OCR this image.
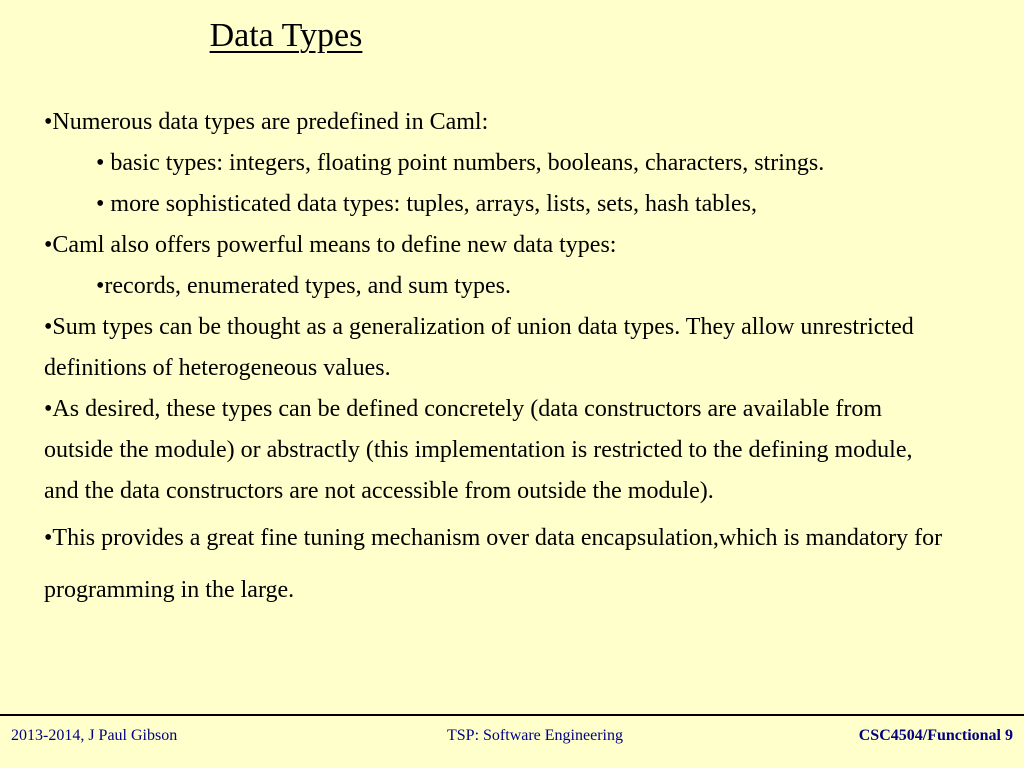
Data Types

•Numerous data types are predefined in Caml:

• basic types: integers, floating point numbers, booleans, characters, strings.

• more sophisticated data types: tuples, arrays, lists, sets, hash tables,

•Caml also offers powerful means to define new data types:

•records, enumerated types, and sum types.

•Sum types can be thought as a generalization of union data types. They allow unrestricted definitions of heterogeneous values.

•As desired, these types can be defined concretely (data constructors are available from outside the module) or abstractly (this implementation is restricted to the defining module, and the data constructors are not accessible from outside the module).

•This provides a great fine tuning mechanism over data encapsulation,which is mandatory for programming in the large.

2013-2014, J Paul Gibson	TSP: Software Engineering	CSC4504/Functional 9
